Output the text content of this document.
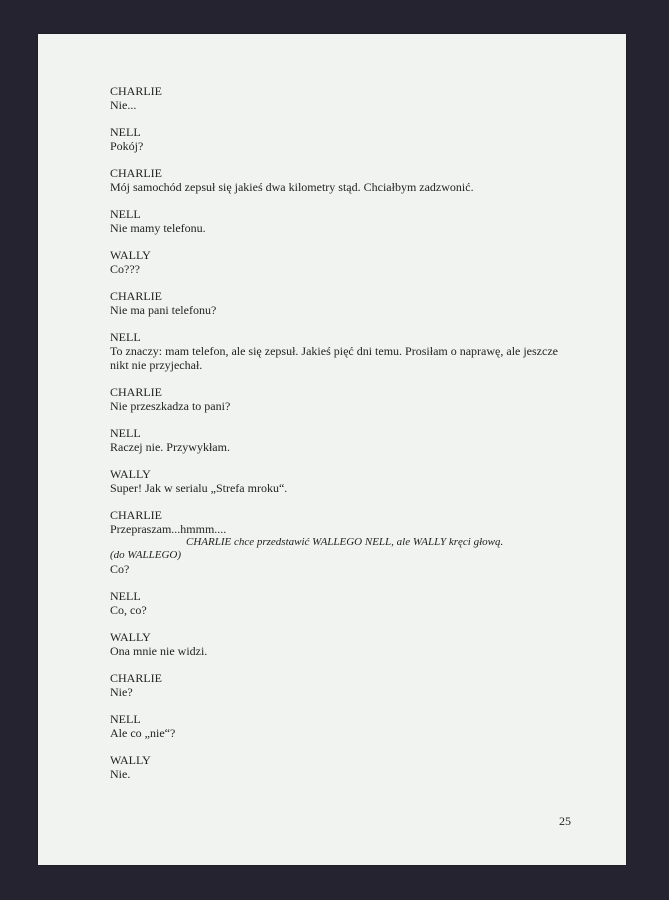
CHARLIE
Nie...
NELL
Pokój?
CHARLIE
Mój samochód zepsuł się jakieś dwa kilometry stąd. Chciałbym zadzwonić.
NELL
Nie mamy telefonu.
WALLY
Co???
CHARLIE
Nie ma pani telefonu?
NELL
To znaczy: mam telefon, ale się zepsuł. Jakieś pięć dni temu. Prosiłam o naprawę, ale jeszcze
nikt nie przyjechał.
CHARLIE
Nie przeszkadza to pani?
NELL
Raczej nie. Przywykłam.
WALLY
Super! Jak w serialu „Strefa mroku“.
CHARLIE
Przepraszam...hmmm....
CHARLIE chce przedstawić WALLEGO NELL, ale WALLY kręci głową.
(do WALLEGO)
Co?
NELL
Co, co?
WALLY
Ona mnie nie widzi.
CHARLIE
Nie?
NELL
Ale co „nie“?
WALLY
Nie.
25
